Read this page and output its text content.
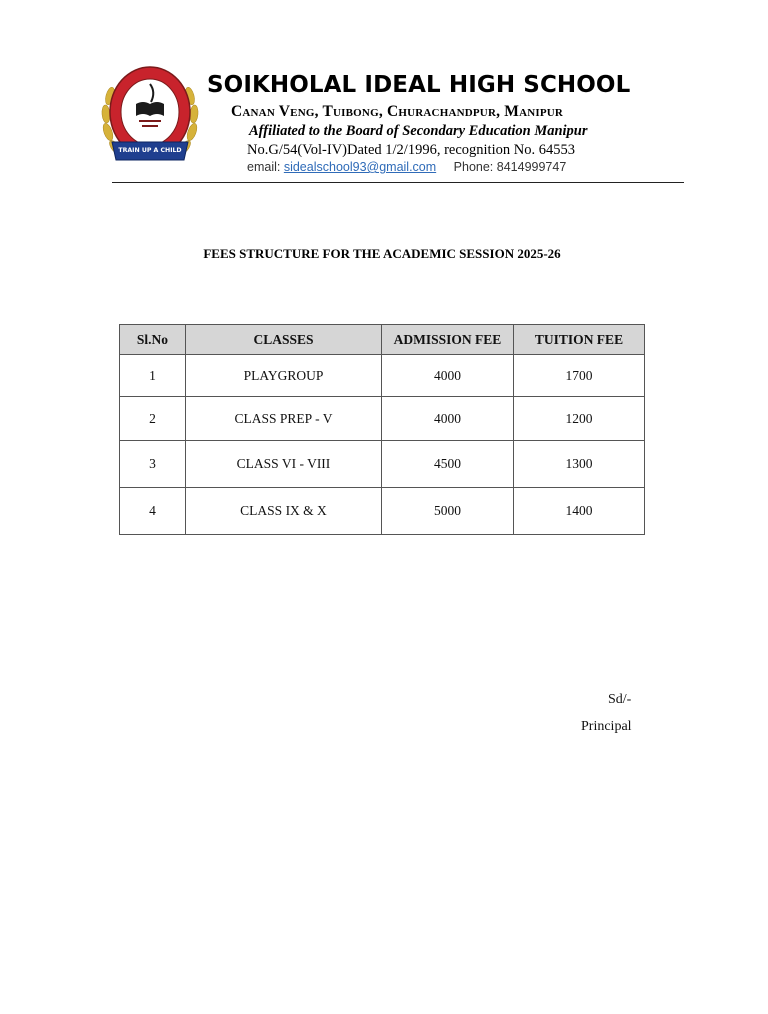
TRAIN UP A CHILD
SOIKHOLAL IDEAL HIGH SCHOOL
Canan Veng, Tuibong, Churachandpur, Manipur
Affiliated to the Board of Secondary Education Manipur
No.G/54(Vol-IV)Dated 1/2/1996, recognition No. 64553
email: sidealschool93@gmail.com Phone: 8414999747
FEES STRUCTURE FOR THE ACADEMIC SESSION 2025-26
Sl.No	CLASSES	ADMISSION FEE	TUITION FEE
1	PLAYGROUP	4000	1700
2	CLASS PREP - V	4000	1200
3	CLASS VI - VIII	4500	1300
4	CLASS IX & X	5000	1400
Sd/-
Principal
